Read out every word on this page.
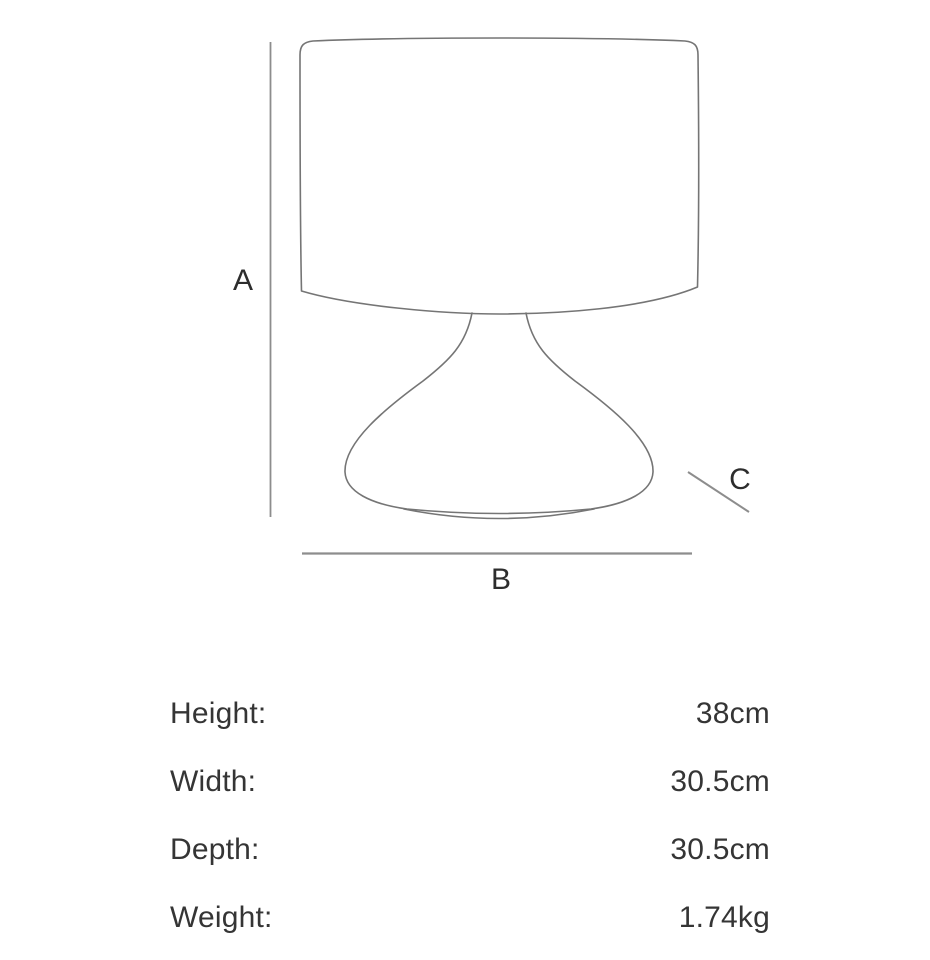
A
B
C
Height:	38cm
Width:	30.5cm
Depth:	30.5cm
Weight:	1.74kg
